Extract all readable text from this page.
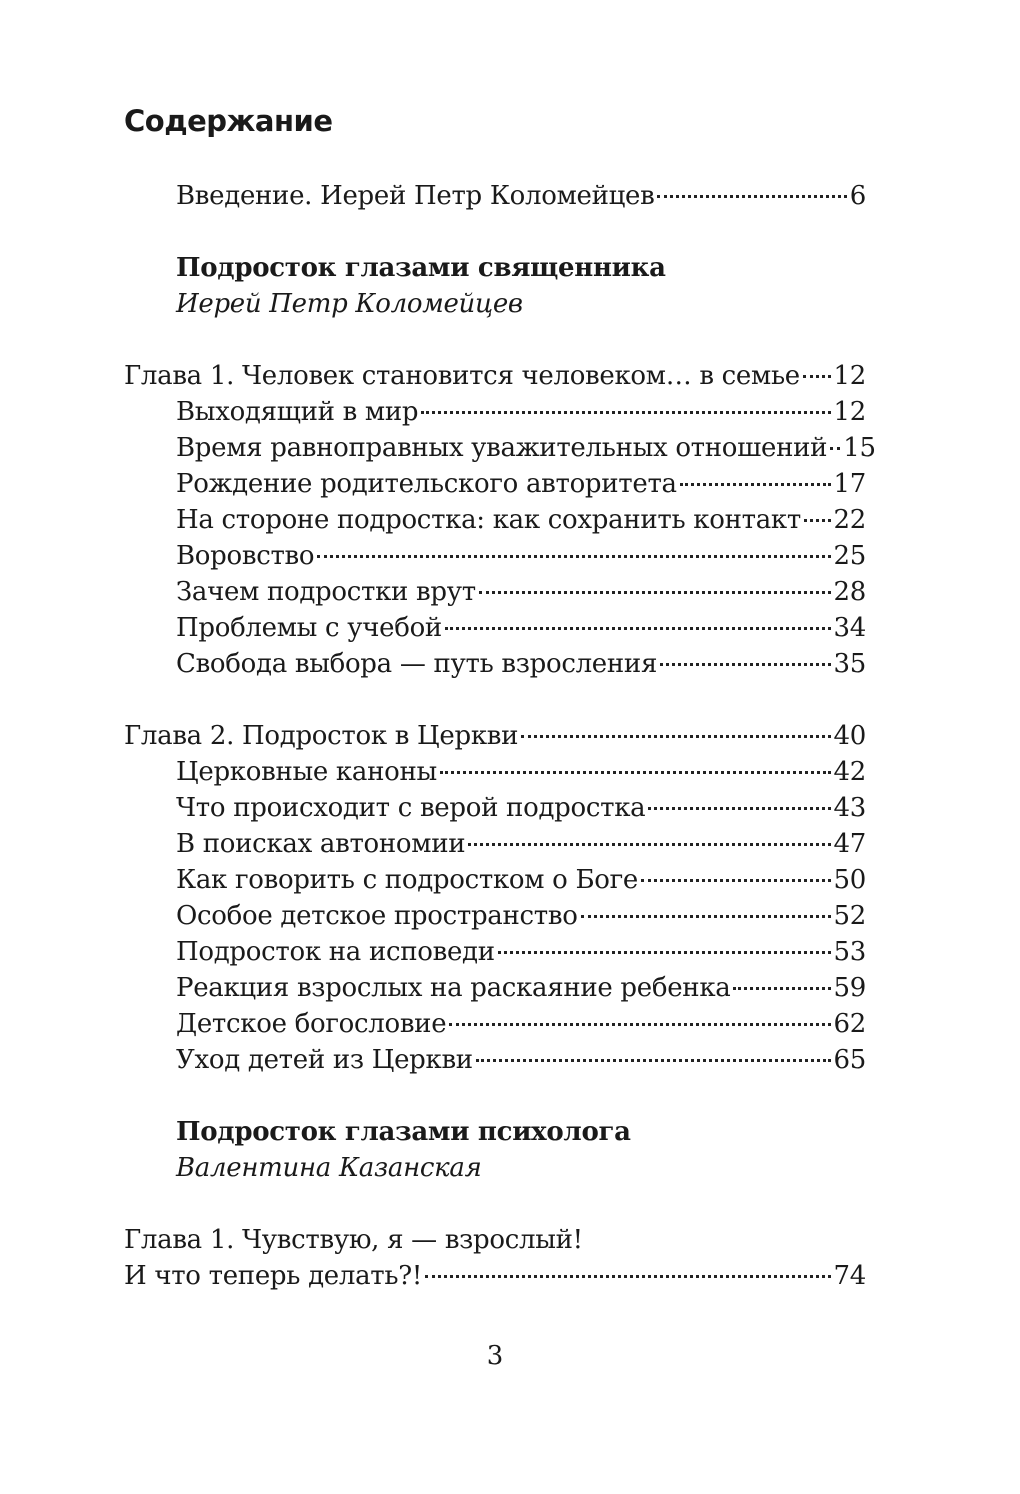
Содержание
Введение. Иерей Петр Коломейцев	6
Подросток глазами священника
Иерей Петр Коломейцев
Глава 1. Человек становится человеком… в семье 12
Выходящий в мир	12
Время равноправных уважительных отношений 15
Рождение родительского авторитета	17
На стороне подростка: как сохранить контакт 22
Воровство	25
Зачем подростки врут	28
Проблемы с учебой	34
Свобода выбора — путь взросления	35
Глава 2. Подросток в Церкви	40
Церковные каноны	42
Что происходит с верой подростка	43
В поисках автономии	47
Как говорить с подростком о Боге	50
Особое детское пространство	52
Подросток на исповеди	53
Реакция взрослых на раскаяние ребенка	59
Детское богословие	62
Уход детей из Церкви	65
Подросток глазами психолога
Валентина Казанская
Глава 1. Чувствую, я — взрослый!
И что теперь делать?!	74
3
